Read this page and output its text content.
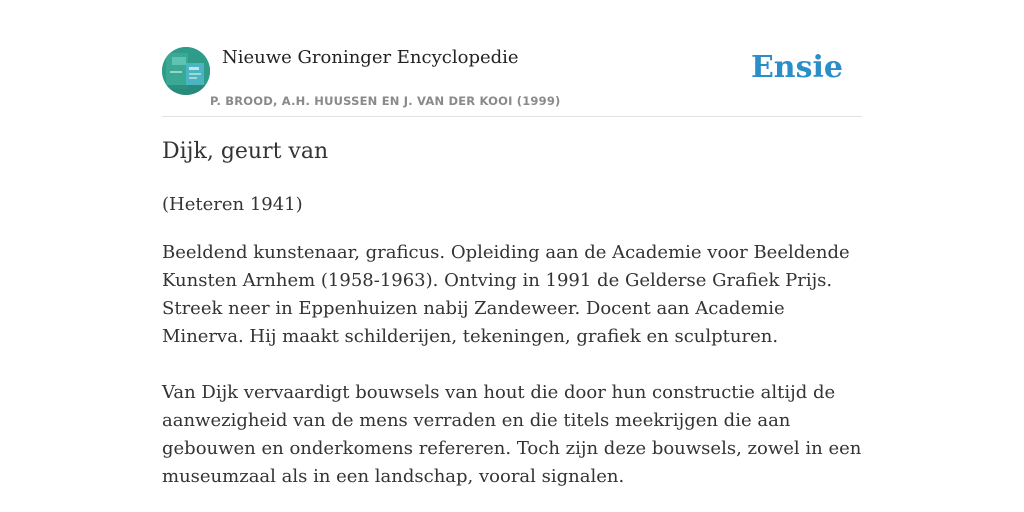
Nieuwe Groninger Encyclopedie
P. BROOD, A.H. HUUSSEN EN J. VAN DER KOOI (1999)
Ensie
Dijk, geurt van
(Heteren 1941)

Beeldend kunstenaar, graficus. Opleiding aan de Academie voor Beeldende Kunsten Arnhem (1958-1963). Ontving in 1991 de Gelderse Grafiek Prijs. Streek neer in Eppenhuizen nabij Zandeweer. Docent aan Academie Minerva. Hij maakt schilderijen, tekeningen, grafiek en sculpturen.

Van Dijk vervaardigt bouwsels van hout die door hun constructie altijd de aanwezigheid van de mens verraden en die titels meekrijgen die aan gebouwen en onderkomens refereren. Toch zijn deze bouwsels, zowel in een museumzaal als in een landschap, vooral signalen.
